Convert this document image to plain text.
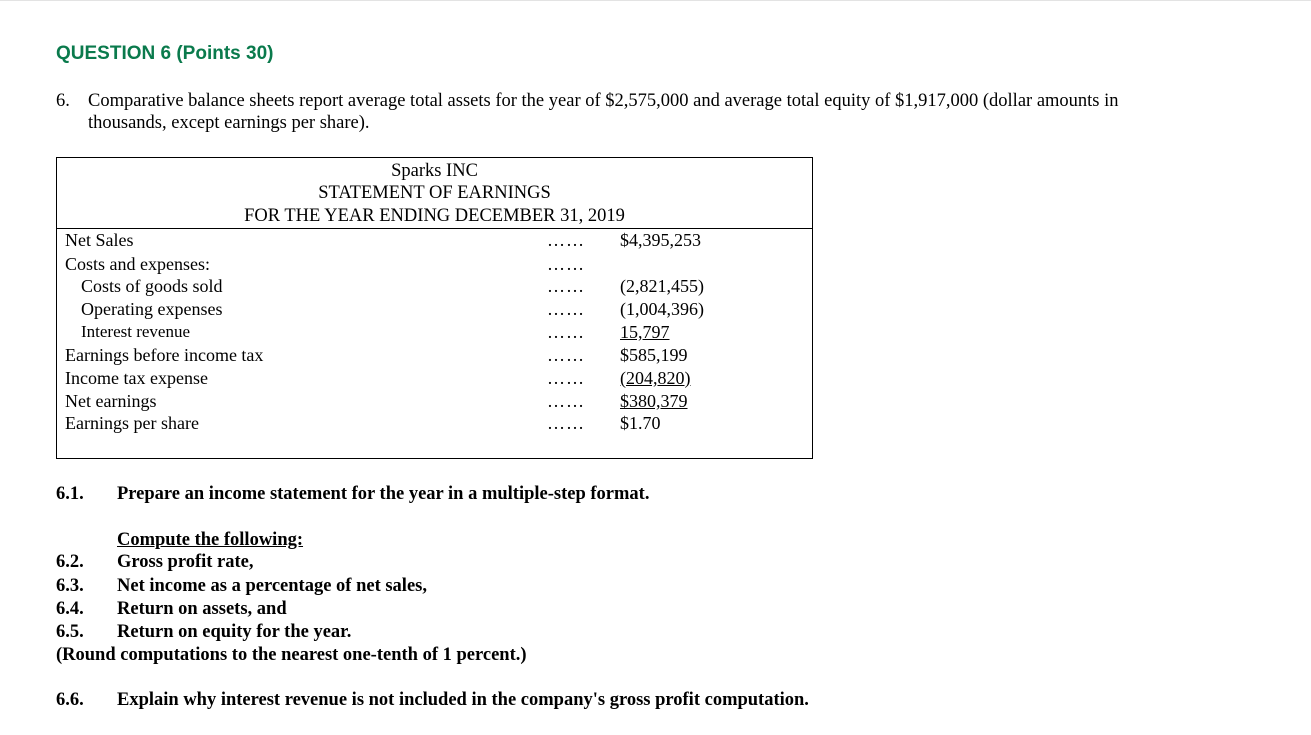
QUESTION 6 (Points 30)
6. Comparative balance sheets report average total assets for the year of $2,575,000 and average total equity of $1,917,000 (dollar amounts in
thousands, except earnings per share).
Sparks INC
STATEMENT OF EARNINGS
FOR THE YEAR ENDING DECEMBER 31, 2019
Net Sales	…… $4,395,253
Costs and expenses:	……
Costs of goods sold	…… (2,821,455)
Operating expenses	…… (1,004,396)
Interest revenue	…… 15,797
Earnings before income tax	…… $585,199
Income tax expense	…… (204,820)
Net earnings	…… $380,379
Earnings per share	…… $1.70
6.1. Prepare an income statement for the year in a multiple-step format.
Compute the following:
6.2. Gross profit rate,
6.3. Net income as a percentage of net sales,
6.4. Return on assets, and
6.5. Return on equity for the year.
(Round computations to the nearest one-tenth of 1 percent.)
6.6. Explain why interest revenue is not included in the company's gross profit computation.
